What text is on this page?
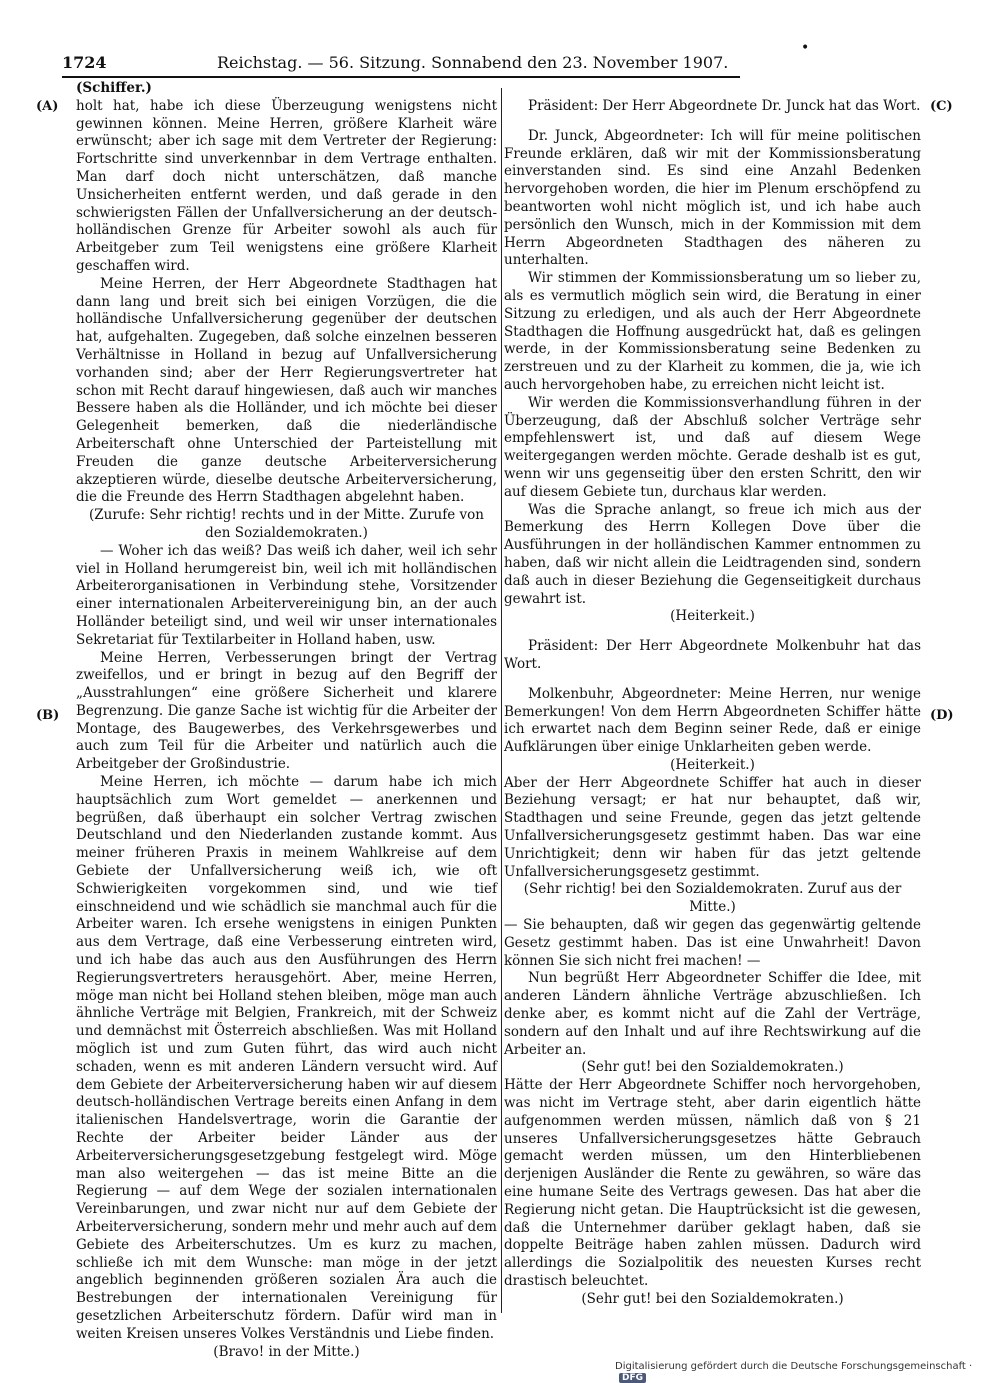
1724	Reichstag. — 56. Sitzung. Sonnabend den 23. November 1907.
•
(A)
(B)
(C)
(D)

(Schiffer.)

holt hat, habe ich diese Überzeugung wenigstens nicht gewinnen können. Meine Herren, größere Klarheit wäre erwünscht; aber ich sage mit dem Vertreter der Regierung: Fortschritte sind unverkennbar in dem Vertrage enthalten. Man darf doch nicht unterschätzen, daß manche Unsicherheiten entfernt werden, und daß gerade in den schwierigsten Fällen der Unfallversicherung an der deutsch-holländischen Grenze für Arbeiter sowohl als auch für Arbeitgeber zum Teil wenigstens eine größere Klarheit geschaffen wird.

Meine Herren, der Herr Abgeordnete Stadthagen hat dann lang und breit sich bei einigen Vorzügen, die die holländische Unfallversicherung gegenüber der deutschen hat, aufgehalten. Zugegeben, daß solche einzelnen besseren Verhältnisse in Holland in bezug auf Unfallversicherung vorhanden sind; aber der Herr Regierungsvertreter hat schon mit Recht darauf hingewiesen, daß auch wir manches Bessere haben als die Holländer, und ich möchte bei dieser Gelegenheit bemerken, daß die niederländische Arbeiterschaft ohne Unterschied der Parteistellung mit Freuden die ganze deutsche Arbeiterversicherung akzeptieren würde, dieselbe deutsche Arbeiterversicherung, die die Freunde des Herrn Stadthagen abgelehnt haben.

(Zurufe: Sehr richtig! rechts und in der Mitte. Zurufe von den Sozialdemokraten.)

— Woher ich das weiß? Das weiß ich daher, weil ich sehr viel in Holland herumgereist bin, weil ich mit holländischen Arbeiterorganisationen in Verbindung stehe, Vorsitzender einer internationalen Arbeitervereinigung bin, an der auch Holländer beteiligt sind, und weil wir unser internationales Sekretariat für Textilarbeiter in Holland haben, usw.

Meine Herren, Verbesserungen bringt der Vertrag zweifellos, und er bringt in bezug auf den Begriff der „Ausstrahlungen“ eine größere Sicherheit und klarere Begrenzung. Die ganze Sache ist wichtig für die Arbeiter der Montage, des Baugewerbes, des Verkehrsgewerbes und auch zum Teil für die Arbeiter und natürlich auch die Arbeitgeber der Großindustrie.

Meine Herren, ich möchte — darum habe ich mich hauptsächlich zum Wort gemeldet — anerkennen und begrüßen, daß überhaupt ein solcher Vertrag zwischen Deutschland und den Niederlanden zustande kommt. Aus meiner früheren Praxis in meinem Wahlkreise auf dem Gebiete der Unfallversicherung weiß ich, wie oft Schwierigkeiten vorgekommen sind, und wie tief einschneidend und wie schädlich sie manchmal auch für die Arbeiter waren. Ich ersehe wenigstens in einigen Punkten aus dem Vertrage, daß eine Verbesserung eintreten wird, und ich habe das auch aus den Ausführungen des Herrn Regierungsvertreters herausgehört. Aber, meine Herren, möge man nicht bei Holland stehen bleiben, möge man auch ähnliche Verträge mit Belgien, Frankreich, mit der Schweiz und demnächst mit Österreich abschließen. Was mit Holland möglich ist und zum Guten führt, das wird auch nicht schaden, wenn es mit anderen Ländern versucht wird. Auf dem Gebiete der Arbeiterversicherung haben wir auf diesem deutsch-holländischen Vertrage bereits einen Anfang in dem italienischen Handelsvertrage, worin die Garantie der Rechte der Arbeiter beider Länder aus der Arbeiterversicherungsgesetzgebung festgelegt wird. Möge man also weitergehen — das ist meine Bitte an die Regierung — auf dem Wege der sozialen internationalen Vereinbarungen, und zwar nicht nur auf dem Gebiete der Arbeiterversicherung, sondern mehr und mehr auch auf dem Gebiete des Arbeiterschutzes. Um es kurz zu machen, schließe ich mit dem Wunsche: man möge in der jetzt angeblich beginnenden größeren sozialen Ära auch die Bestrebungen der internationalen Vereinigung für gesetzlichen Arbeiterschutz fördern. Dafür wird man in weiten Kreisen unseres Volkes Verständnis und Liebe finden.

(Bravo! in der Mitte.)

Präsident: Der Herr Abgeordnete Dr. Junck hat das Wort.

Dr. Junck, Abgeordneter: Ich will für meine politischen Freunde erklären, daß wir mit der Kommissionsberatung einverstanden sind. Es sind eine Anzahl Bedenken hervorgehoben worden, die hier im Plenum erschöpfend zu beantworten wohl nicht möglich ist, und ich habe auch persönlich den Wunsch, mich in der Kommission mit dem Herrn Abgeordneten Stadthagen des näheren zu unterhalten.

Wir stimmen der Kommissionsberatung um so lieber zu, als es vermutlich möglich sein wird, die Beratung in einer Sitzung zu erledigen, und als auch der Herr Abgeordnete Stadthagen die Hoffnung ausgedrückt hat, daß es gelingen werde, in der Kommissionsberatung seine Bedenken zu zerstreuen und zu der Klarheit zu kommen, die ja, wie ich auch hervorgehoben habe, zu erreichen nicht leicht ist.

Wir werden die Kommissionsverhandlung führen in der Überzeugung, daß der Abschluß solcher Verträge sehr empfehlenswert ist, und daß auf diesem Wege weitergegangen werden möchte. Gerade deshalb ist es gut, wenn wir uns gegenseitig über den ersten Schritt, den wir auf diesem Gebiete tun, durchaus klar werden.

Was die Sprache anlangt, so freue ich mich aus der Bemerkung des Herrn Kollegen Dove über die Ausführungen in der holländischen Kammer entnommen zu haben, daß wir nicht allein die Leidtragenden sind, sondern daß auch in dieser Beziehung die Gegenseitigkeit durchaus gewahrt ist.

(Heiterkeit.)

Präsident: Der Herr Abgeordnete Molkenbuhr hat das Wort.

Molkenbuhr, Abgeordneter: Meine Herren, nur wenige Bemerkungen! Von dem Herrn Abgeordneten Schiffer hätte ich erwartet nach dem Beginn seiner Rede, daß er einige Aufklärungen über einige Unklarheiten geben werde.

(Heiterkeit.)

Aber der Herr Abgeordnete Schiffer hat auch in dieser Beziehung versagt; er hat nur behauptet, daß wir, Stadthagen und seine Freunde, gegen das jetzt geltende Unfallversicherungsgesetz gestimmt haben. Das war eine Unrichtigkeit; denn wir haben für das jetzt geltende Unfallversicherungsgesetz gestimmt.

(Sehr richtig! bei den Sozialdemokraten. Zuruf aus der Mitte.)

— Sie behaupten, daß wir gegen das gegenwärtig geltende Gesetz gestimmt haben. Das ist eine Unwahrheit! Davon können Sie sich nicht frei machen! —

Nun begrüßt Herr Abgeordneter Schiffer die Idee, mit anderen Ländern ähnliche Verträge abzuschließen. Ich denke aber, es kommt nicht auf die Zahl der Verträge, sondern auf den Inhalt und auf ihre Rechtswirkung auf die Arbeiter an.

(Sehr gut! bei den Sozialdemokraten.)

Hätte der Herr Abgeordnete Schiffer noch hervorgehoben, was nicht im Vertrage steht, aber darin eigentlich hätte aufgenommen werden müssen, nämlich daß von § 21 unseres Unfallversicherungsgesetzes hätte Gebrauch gemacht werden müssen, um den Hinterbliebenen derjenigen Ausländer die Rente zu gewähren, so wäre das eine humane Seite des Vertrags gewesen. Das hat aber die Regierung nicht getan. Die Hauptrücksicht ist die gewesen, daß die Unternehmer darüber geklagt haben, daß sie doppelte Beiträge haben zahlen müssen. Dadurch wird allerdings die Sozialpolitik des neuesten Kurses recht drastisch beleuchtet.

(Sehr gut! bei den Sozialdemokraten.)

Digitalisierung gefördert durch die Deutsche Forschungsgemeinschaft · DFG
